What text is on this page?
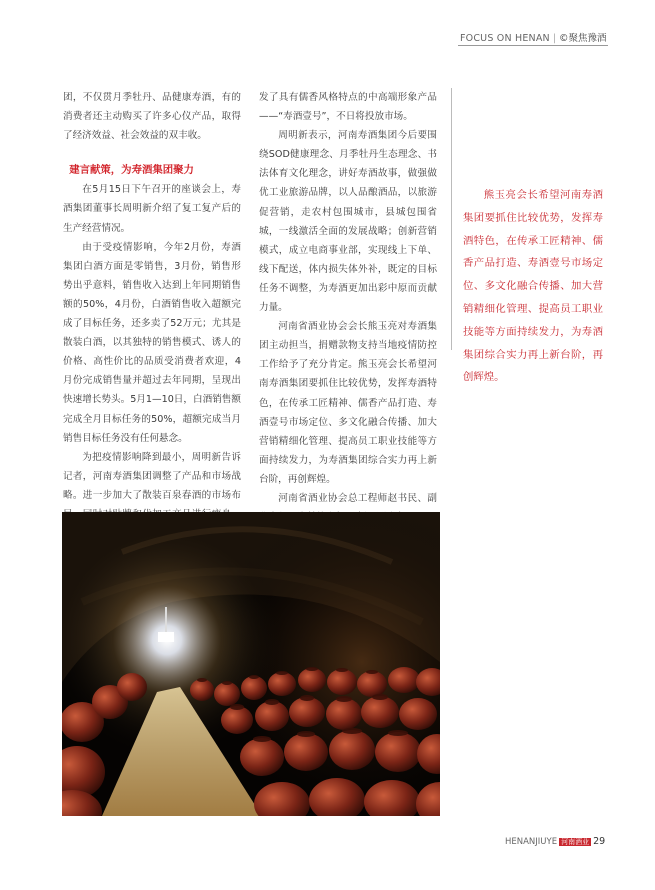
FOCUS ON HENAN | ©聚焦豫酒

团，不仅贯月季牡丹、品健康寿酒，有的消费者还主动购买了许多心仪产品，取得了经济效益、社会效益的双丰收。

建言献策，为寿酒集团聚力

在5月15日下午召开的座谈会上，寿酒集团董事长周明新介绍了复工复产后的生产经营情况。

由于受疫情影响，今年2月份，寿酒集团白酒方面是零销售，3月份，销售形势出乎意料，销售收入达到上年同期销售额的50%，4月份，白酒销售收入超额完成了目标任务，还多卖了52万元；尤其是散装白酒，以其独特的销售模式、诱人的价格、高性价比的品质受消费者欢迎，4月份完成销售量并超过去年同期，呈现出快速增长势头。5月1—10日，白酒销售额完成全月目标任务的50%，超额完成当月销售目标任务没有任何悬念。

为把疫情影响降到最小，周明新告诉记者，河南寿酒集团调整了产品和市场战略。进一步加大了散装百泉春酒的市场布

发了具有儒香风格特点的中高端形象产品——“寿酒壹号”，不日将投放市场。

周明新表示，河南寿酒集团今后要围绕SOD健康理念、月季牡丹生态理念、书法体育文化理念，讲好寿酒故事，做强做优工业旅游品牌，以人品酿酒品，以旅游促营销，走农村包围城市，县城包围省城，一线激活全面的发展战略；创新营销模式，成立电商事业部，实现线上下单、线下配送，体内损失体外补，既定的目标任务不调整，为寿酒更加出彩中原而贡献力量。

河南省酒业协会会长熊玉亮对寿酒集团主动担当，捐赠款物支持当地疫情防控工作给予了充分肯定。熊玉亮会长希望河南寿酒集团要抓住比较优势，发挥寿酒特色，在传承工匠精神、儒香产品打造、寿酒壹号市场定位、多文化融合传播、加大营销精细化管理、提高员工职业技能等方面持续发力，为寿酒集团综合实力再上新台阶，再创辉煌。

河南省酒业协会总工程师赵书民、副

熊玉亮会长希望河南寿酒集团要抓住比较优势，发挥寿酒特色，在传承工匠精神、儒香产品打造、寿酒壹号市场定位、多文化融合传播、加大营销精细化管理、提高员工职业技能等方面持续发力，为寿酒集团综合实力再上新台阶，再创辉煌。

HENANJIUYE 河南酒业 29
